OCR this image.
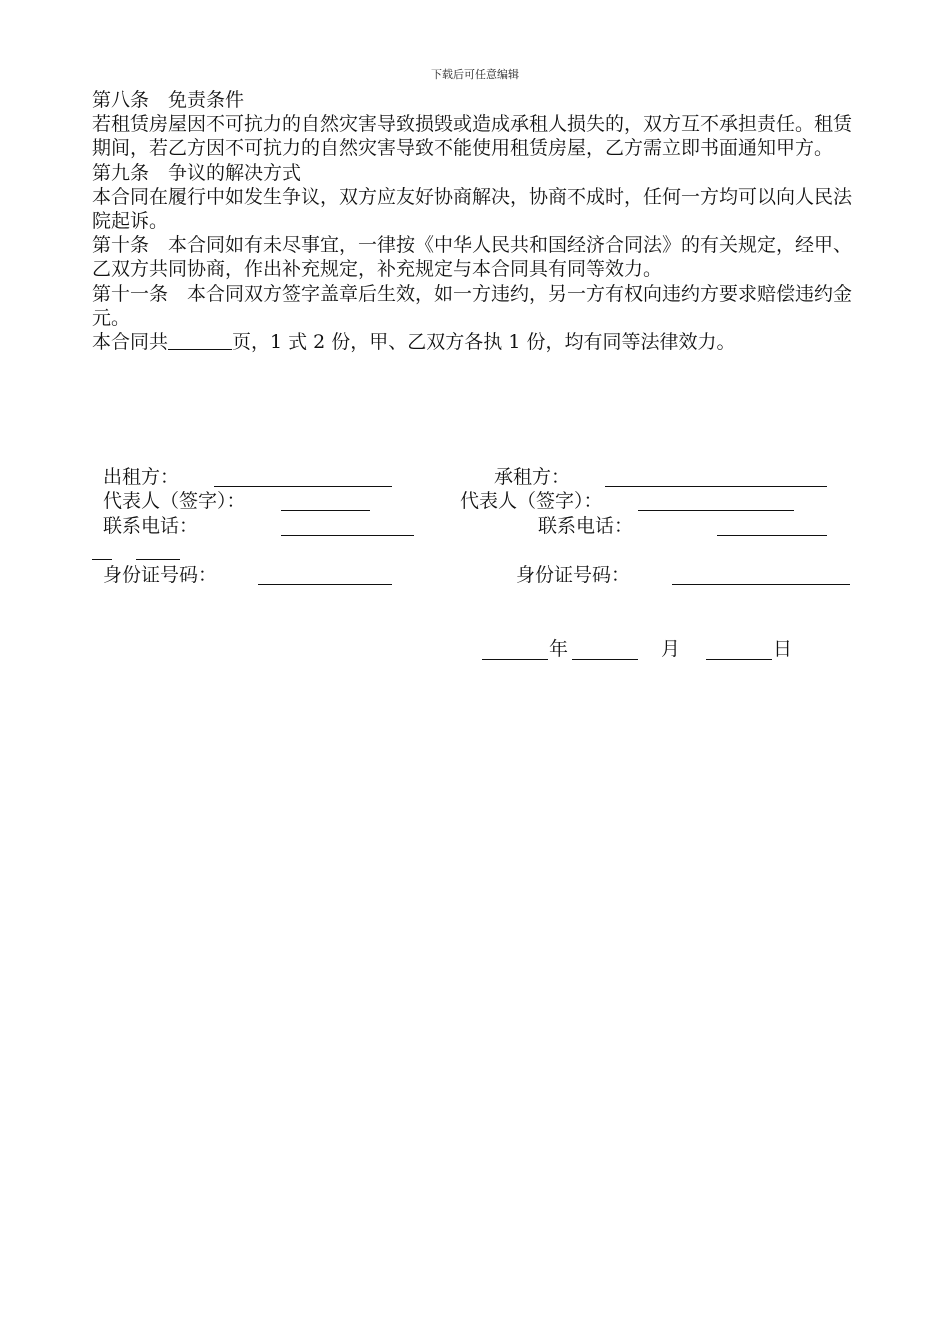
下载后可任意编辑

第八条　免责条件

若租赁房屋因不可抗力的自然灾害导致损毁或造成承租人损失的，双方互不承担责任。租赁期间，若乙方因不可抗力的自然灾害导致不能使用租赁房屋，乙方需立即书面通知甲方。

第九条　争议的解决方式

本合同在履行中如发生争议，双方应友好协商解决，协商不成时，任何一方均可以向人民法院起诉。

第十条　本合同如有未尽事宜，一律按《中华人民共和国经济合同法》的有关规定，经甲、乙双方共同协商，作出补充规定，补充规定与本合同具有同等效力。

第十一条　本合同双方签字盖章后生效，如一方违约，另一方有权向违约方要求赔偿违约金　元。

本合同共	页，1 式 2 份，甲、乙双方各执 1 份，均有同等法律效力。

出租方：	承租方：
代表人（签字）：	代表人（签字）：
联系电话：	联系电话：
身份证号码：	身份证号码：
年	月	日
